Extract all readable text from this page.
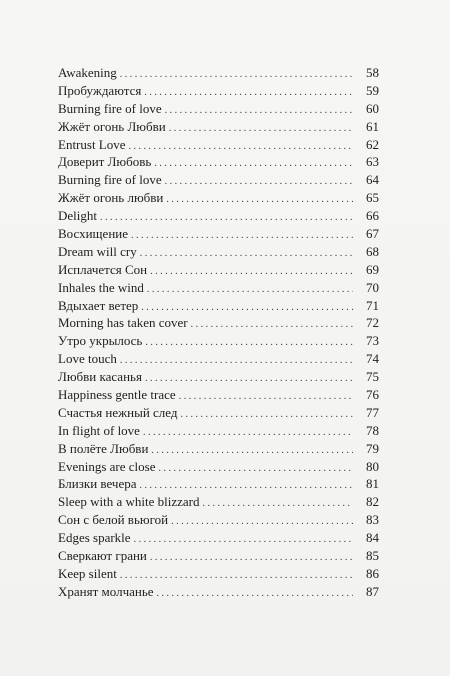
Awakening . . .	58
Пробуждаются . . .	59
Burning fire of love . . .	60
Жжёт огонь Любви . . .	61
Entrust Love . . .	62
Доверит Любовь . . .	63
Burning fire of love . . .	64
Жжёт огонь любви . . .	65
Delight . . .	66
Восхищение . . .	67
Dream will cry . . .	68
Исплачется Сон . . .	69
Inhales the wind . . .	70
Вдыхает ветер . . .	71
Morning has taken cover . . .	72
Утро укрылось . . .	73
Love touch . . .	74
Любви касанья . . .	75
Happiness gentle trace . . .	76
Счастья нежный след . . .	77
In flight of love . . .	78
В полёте Любви . . .	79
Evenings are close . . .	80
Близки вечера . . .	81
Sleep with a white blizzard . . .	82
Сон с белой вьюгой . . .	83
Edges sparkle . . .	84
Сверкают грани . . .	85
Keep silent . . .	86
Хранят молчанье . . .	87
